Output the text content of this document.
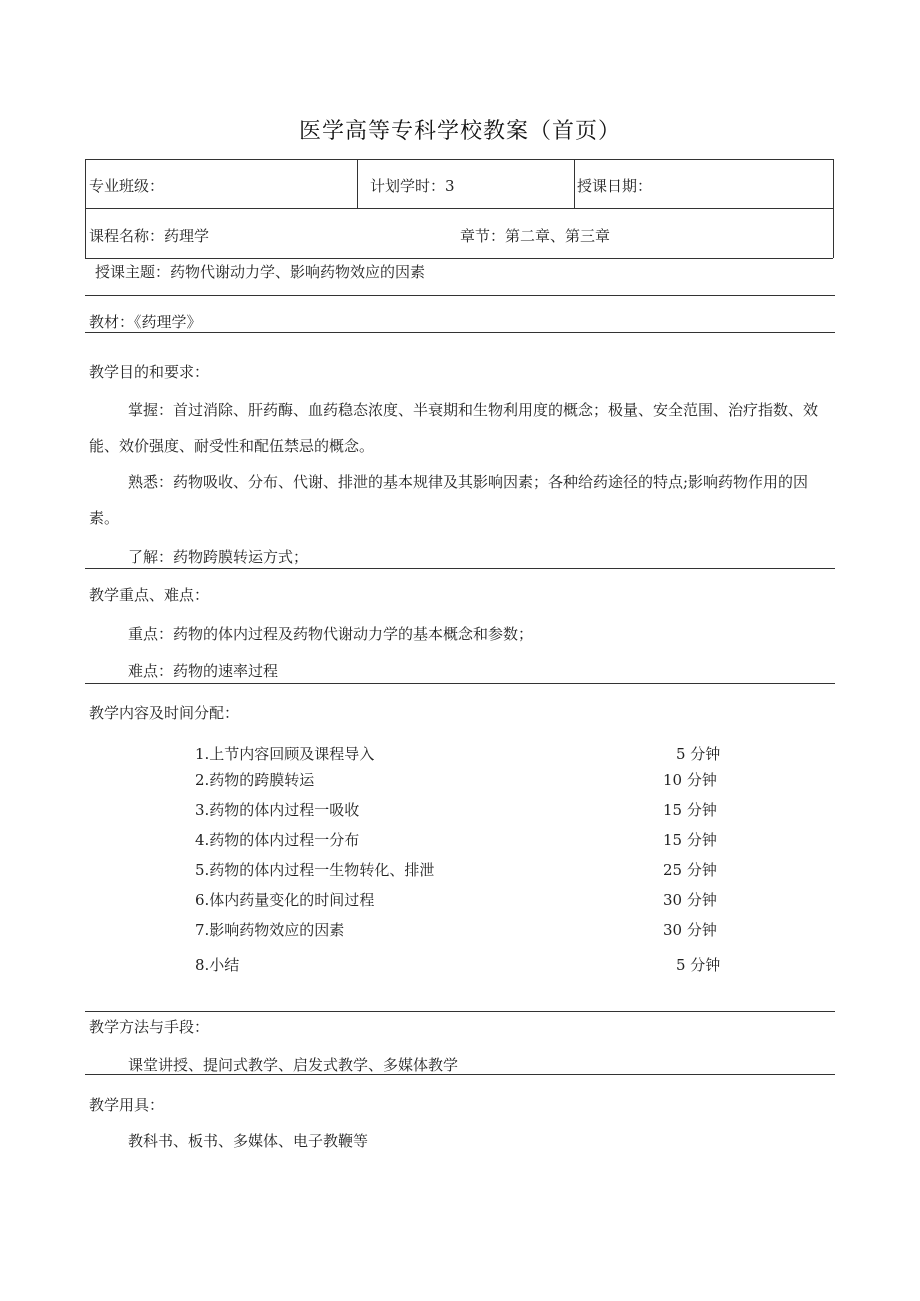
医学高等专科学校教案（首页）
专业班级：	计划学时：3	授课日期：
课程名称：药理学	章节：第二章、第三章
授课主题：药物代谢动力学、影响药物效应的因素
教材：《药理学》
教学目的和要求：
掌握：首过消除、肝药酶、血药稳态浓度、半衰期和生物利用度的概念；极量、安全范围、治疗指数、效能、效价强度、耐受性和配伍禁忌的概念。
熟悉：药物吸收、分布、代谢、排泄的基本规律及其影响因素；各种给药途径的特点;影响药物作用的因素。
了解：药物跨膜转运方式；
教学重点、难点：
重点：药物的体内过程及药物代谢动力学的基本概念和参数；
难点：药物的速率过程
教学内容及时间分配：
1.上节内容回顾及课程导入	5 分钟
2.药物的跨膜转运	10 分钟
3.药物的体内过程一吸收	15 分钟
4.药物的体内过程一分布	15 分钟
5.药物的体内过程一生物转化、排泄	25 分钟
6.体内药量变化的时间过程	30 分钟
7.影响药物效应的因素	30 分钟
8.小结	5 分钟
教学方法与手段：
课堂讲授、提问式教学、启发式教学、多媒体教学
教学用具：
教科书、板书、多媒体、电子教鞭等
